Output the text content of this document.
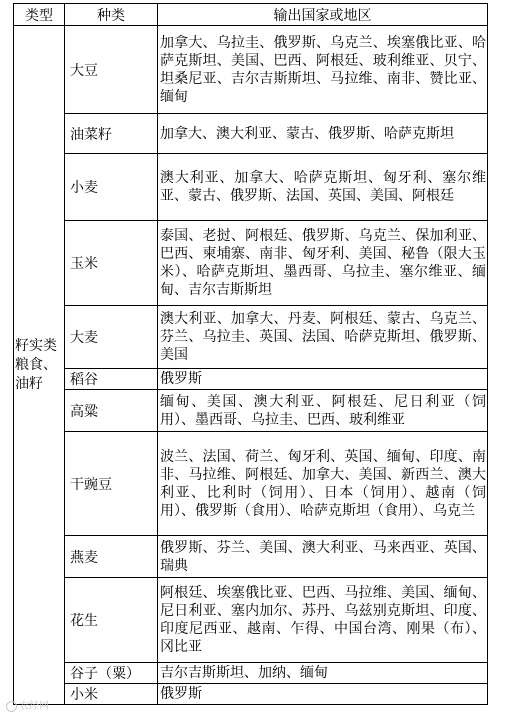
类型	种类	输出国家或地区
籽实类粮食、油籽	大豆	加拿大、乌拉圭、俄罗斯、乌克兰、埃塞俄比亚、哈萨克斯坦、美国、巴西、阿根廷、玻利维亚、贝宁、坦桑尼亚、吉尔吉斯斯坦、马拉维、南非、赞比亚、缅甸
	油菜籽	加拿大、澳大利亚、蒙古、俄罗斯、哈萨克斯坦
	小麦	澳大利亚、加拿大、哈萨克斯坦、匈牙利、塞尔维亚、蒙古、俄罗斯、法国、英国、美国、阿根廷
	玉米	泰国、老挝、阿根廷、俄罗斯、乌克兰、保加利亚、巴西、柬埔寨、南非、匈牙利、美国、秘鲁（限大玉米）、哈萨克斯坦、墨西哥、乌拉圭、塞尔维亚、缅甸、吉尔吉斯斯坦
	大麦	澳大利亚、加拿大、丹麦、阿根廷、蒙古、乌克兰、芬兰、乌拉圭、英国、法国、哈萨克斯坦、俄罗斯、美国
	稻谷	俄罗斯
	高粱	缅甸、美国、澳大利亚、阿根廷、尼日利亚（饲用）、墨西哥、乌拉圭、巴西、玻利维亚
	干豌豆	波兰、法国、荷兰、匈牙利、英国、缅甸、印度、南非、马拉维、阿根廷、加拿大、美国、新西兰、澳大利亚、比利时（饲用）、日本（饲用）、越南（饲用）、俄罗斯（食用）、哈萨克斯坦（食用）、乌克兰
	燕麦	俄罗斯、芬兰、美国、澳大利亚、马来西亚、英国、瑞典
	花生	阿根廷、埃塞俄比亚、巴西、马拉维、美国、缅甸、尼日利亚、塞内加尔、苏丹、乌兹别克斯坦、印度、印度尼西亚、越南、乍得、中国台湾、刚果（布）、冈比亚
	谷子（粟）	吉尔吉斯斯坦、加纳、缅甸
	小米	俄罗斯
农经网
